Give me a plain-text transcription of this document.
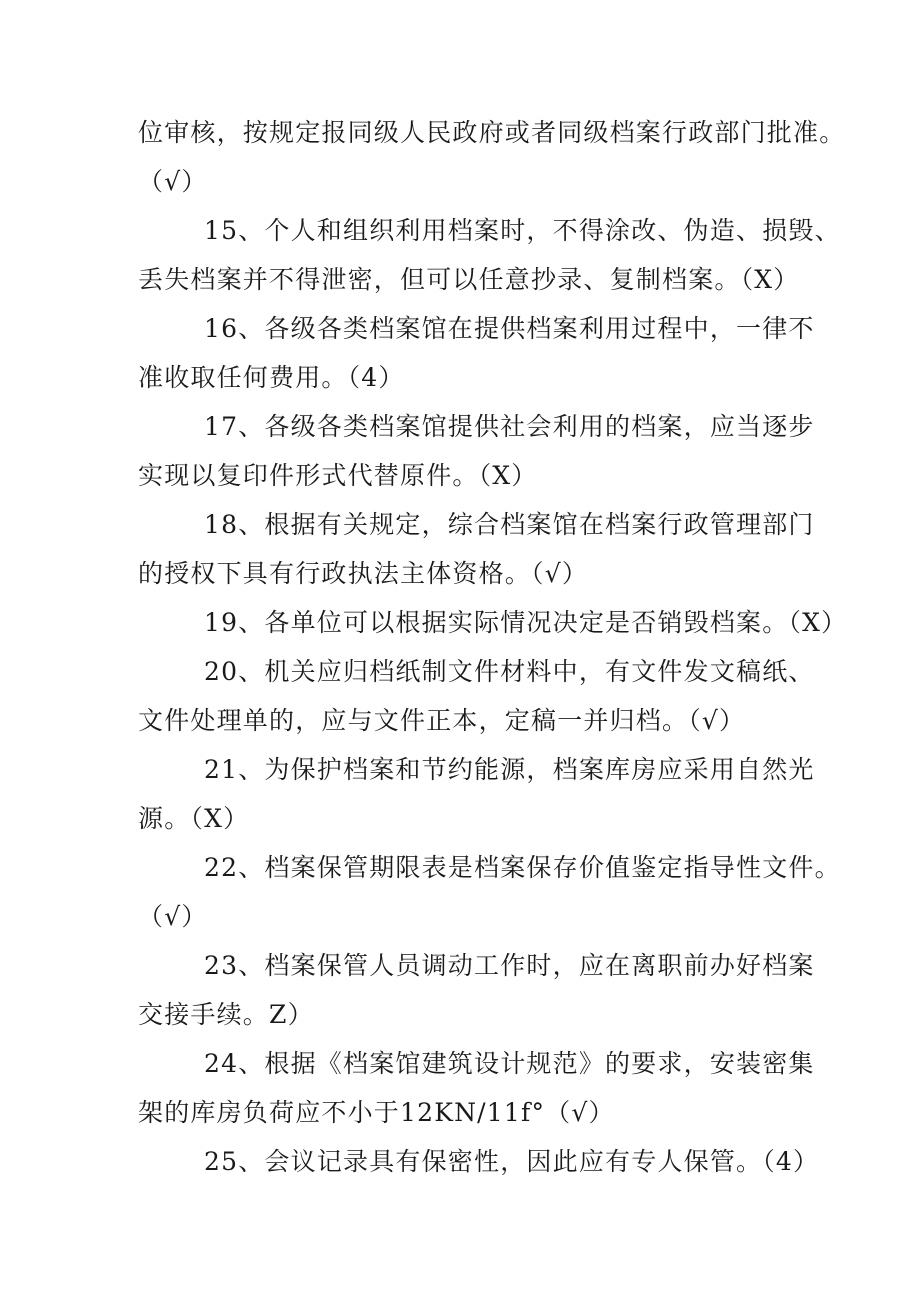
位审核，按规定报同级人民政府或者同级档案行政部门批准。
（√）
15、个人和组织利用档案时，不得涂改、伪造、损毁、
丢失档案并不得泄密，但可以任意抄录、复制档案。（X）
16、各级各类档案馆在提供档案利用过程中，一律不
准收取任何费用。（4）
17、各级各类档案馆提供社会利用的档案，应当逐步
实现以复印件形式代替原件。（X）
18、根据有关规定，综合档案馆在档案行政管理部门
的授权下具有行政执法主体资格。（√）
19、各单位可以根据实际情况决定是否销毁档案。（X）
20、机关应归档纸制文件材料中，有文件发文稿纸、
文件处理单的，应与文件正本，定稿一并归档。（√）
21、为保护档案和节约能源，档案库房应采用自然光
源。（X）
22、档案保管期限表是档案保存价值鉴定指导性文件。
（√）
23、档案保管人员调动工作时，应在离职前办好档案
交接手续。Z）
24、根据《档案馆建筑设计规范》的要求，安装密集
架的库房负荷应不小于12KN/11f°（√）
25、会议记录具有保密性，因此应有专人保管。（4）
